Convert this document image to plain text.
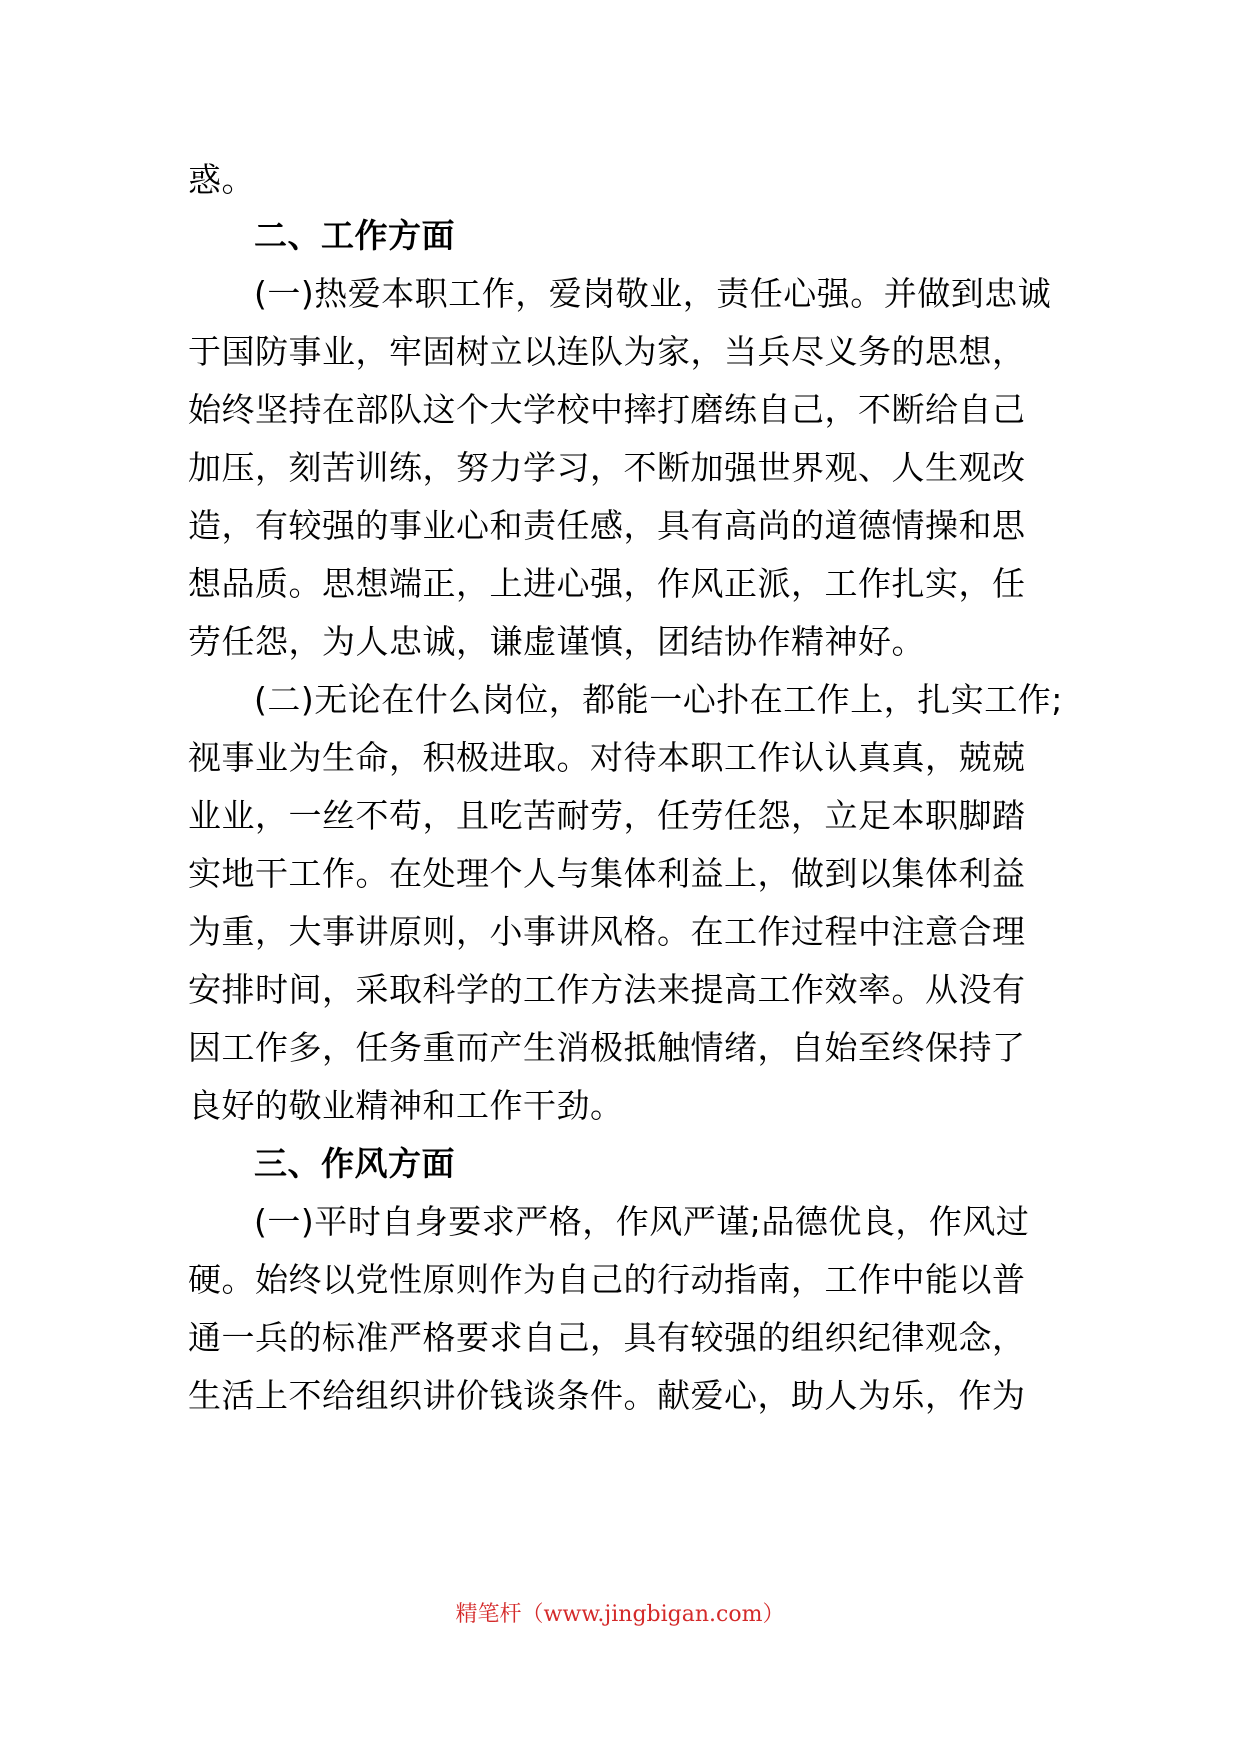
惑。
二、工作方面
(一)热爱本职工作，爱岗敬业，责任心强。并做到忠诚
于国防事业，牢固树立以连队为家，当兵尽义务的思想，
始终坚持在部队这个大学校中摔打磨练自己，不断给自己
加压，刻苦训练，努力学习，不断加强世界观、人生观改
造，有较强的事业心和责任感，具有高尚的道德情操和思
想品质。思想端正，上进心强，作风正派，工作扎实，任
劳任怨，为人忠诚，谦虚谨慎，团结协作精神好。
(二)无论在什么岗位，都能一心扑在工作上，扎实工作;
视事业为生命，积极进取。对待本职工作认认真真，兢兢
业业，一丝不苟，且吃苦耐劳，任劳任怨，立足本职脚踏
实地干工作。在处理个人与集体利益上，做到以集体利益
为重，大事讲原则，小事讲风格。在工作过程中注意合理
安排时间，采取科学的工作方法来提高工作效率。从没有
因工作多，任务重而产生消极抵触情绪，自始至终保持了
良好的敬业精神和工作干劲。
三、作风方面
(一)平时自身要求严格，作风严谨;品德优良，作风过
硬。始终以党性原则作为自己的行动指南，工作中能以普
通一兵的标准严格要求自己，具有较强的组织纪律观念，
生活上不给组织讲价钱谈条件。献爱心，助人为乐，作为
精笔杆（www.jingbigan.com）
